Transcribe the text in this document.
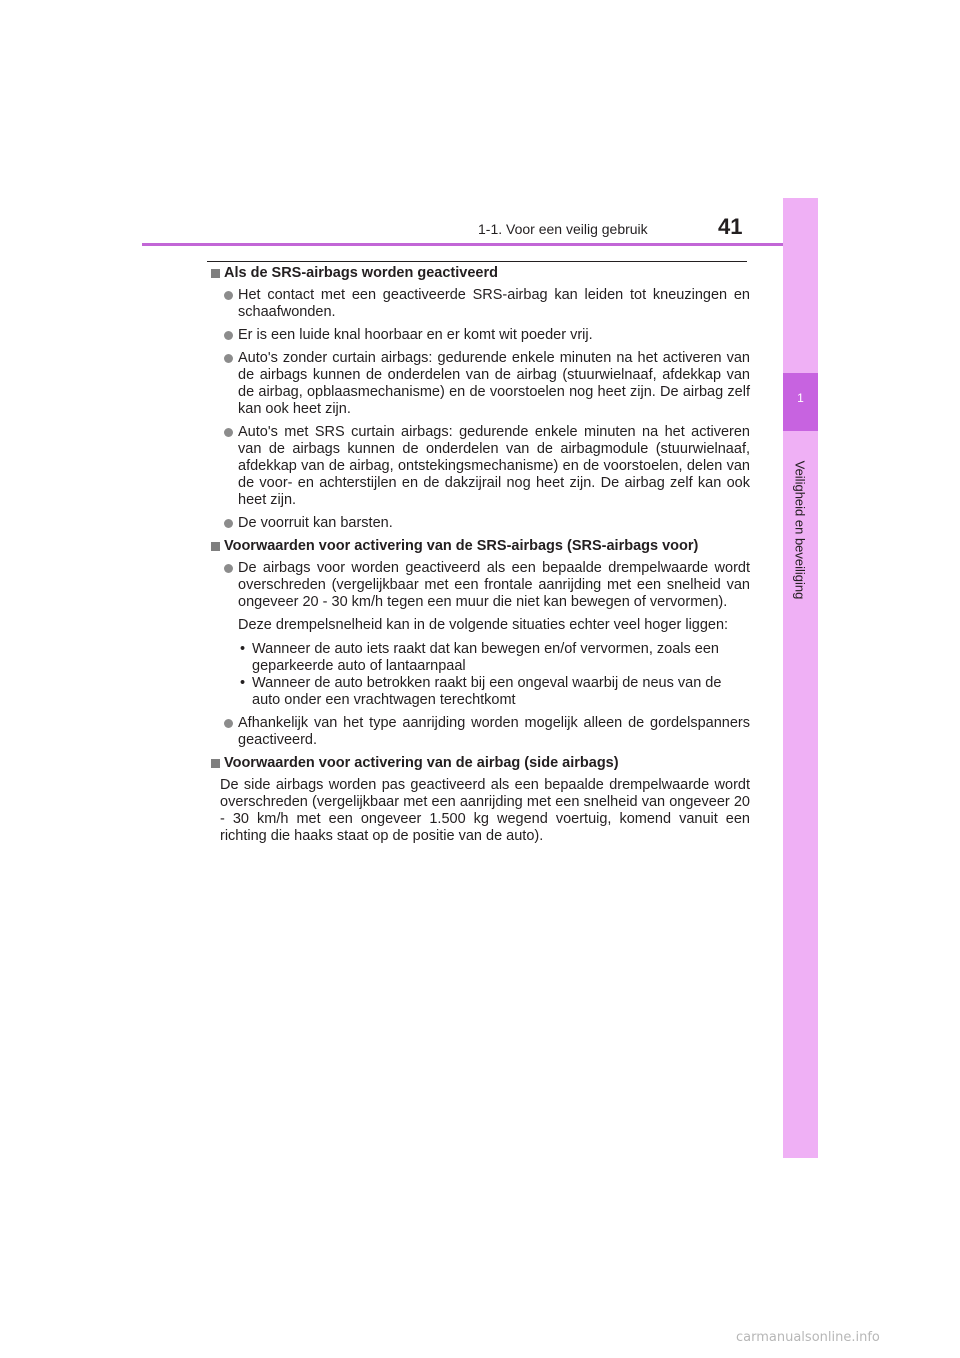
1-1. Voor een veilig gebruik	41
1
Veiligheid en beveiliging
Als de SRS-airbags worden geactiveerd
Het contact met een geactiveerde SRS-airbag kan leiden tot kneuzingen en schaafwonden.
Er is een luide knal hoorbaar en er komt wit poeder vrij.
Auto's zonder curtain airbags: gedurende enkele minuten na het activeren van de airbags kunnen de onderdelen van de airbag (stuurwielnaaf, afdekkap van de airbag, opblaasmechanisme) en de voorstoelen nog heet zijn. De airbag zelf kan ook heet zijn.
Auto's met SRS curtain airbags: gedurende enkele minuten na het activeren van de airbags kunnen de onderdelen van de airbagmodule (stuurwielnaaf, afdekkap van de airbag, ontstekingsmechanisme) en de voorstoelen, delen van de voor- en achterstijlen en de dakzijrail nog heet zijn. De airbag zelf kan ook heet zijn.
De voorruit kan barsten.
Voorwaarden voor activering van de SRS-airbags (SRS-airbags voor)
De airbags voor worden geactiveerd als een bepaalde drempelwaarde wordt overschreden (vergelijkbaar met een frontale aanrijding met een snelheid van ongeveer 20 - 30 km/h tegen een muur die niet kan bewegen of vervormen).
Deze drempelsnelheid kan in de volgende situaties echter veel hoger liggen:
• Wanneer de auto iets raakt dat kan bewegen en/of vervormen, zoals een geparkeerde auto of lantaarnpaal
• Wanneer de auto betrokken raakt bij een ongeval waarbij de neus van de auto onder een vrachtwagen terechtkomt
Afhankelijk van het type aanrijding worden mogelijk alleen de gordelspanners geactiveerd.
Voorwaarden voor activering van de airbag (side airbags)
De side airbags worden pas geactiveerd als een bepaalde drempelwaarde wordt overschreden (vergelijkbaar met een aanrijding met een snelheid van ongeveer 20 - 30 km/h met een ongeveer 1.500 kg wegend voertuig, komend vanuit een richting die haaks staat op de positie van de auto).
carmanualsonline.info
